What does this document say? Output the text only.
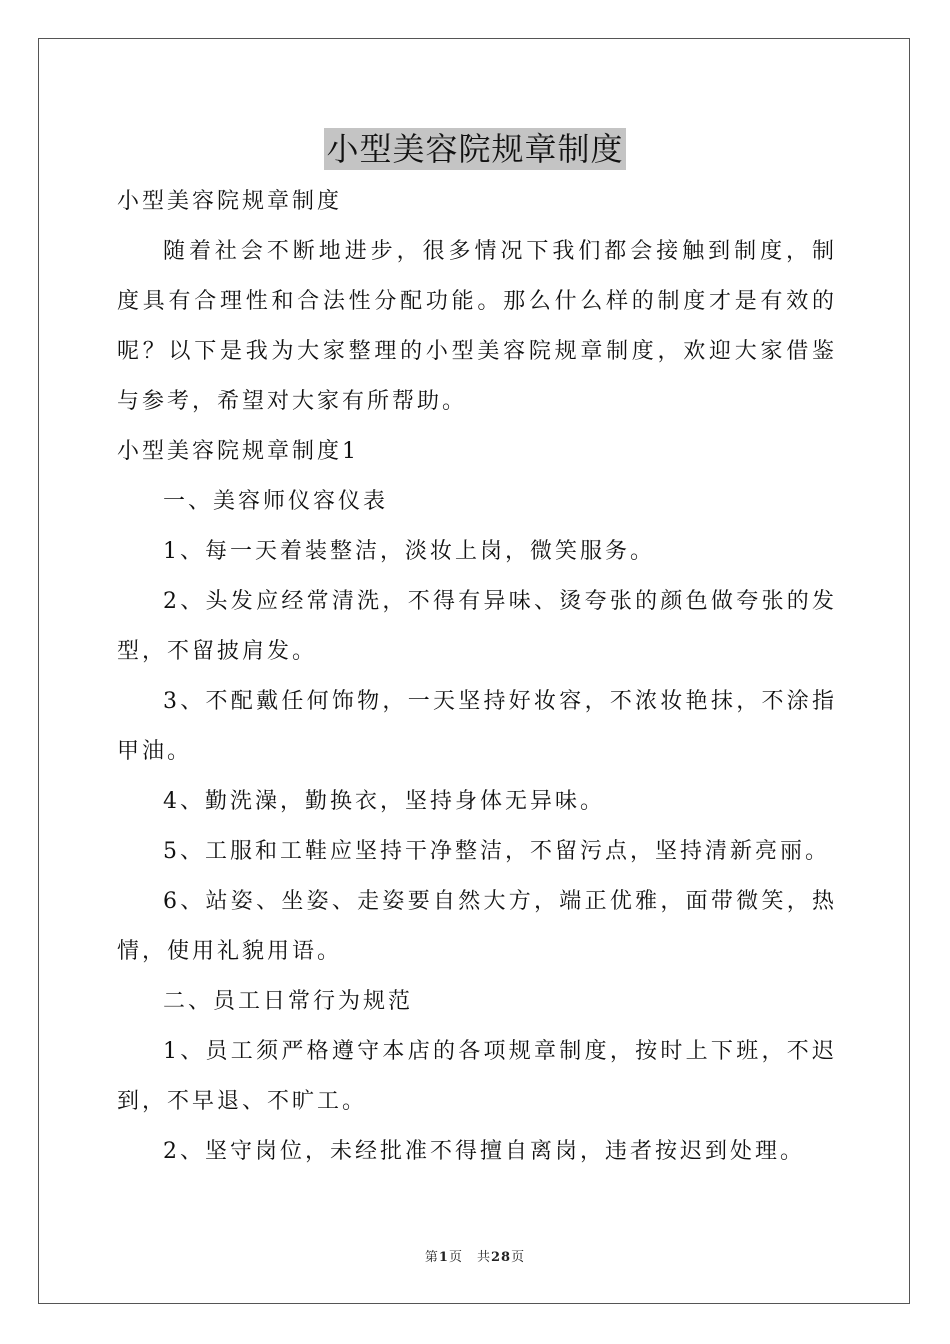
小型美容院规章制度

小型美容院规章制度

随着社会不断地进步，很多情况下我们都会接触到制度，制度具有合理性和合法性分配功能。那么什么样的制度才是有效的呢？以下是我为大家整理的小型美容院规章制度，欢迎大家借鉴与参考，希望对大家有所帮助。

小型美容院规章制度1

一、美容师仪容仪表

1、每一天着装整洁，淡妆上岗，微笑服务。

2、头发应经常清洗，不得有异味、烫夸张的颜色做夸张的发型，不留披肩发。

3、不配戴任何饰物，一天坚持好妆容，不浓妆艳抹，不涂指甲油。

4、勤洗澡，勤换衣，坚持身体无异味。

5、工服和工鞋应坚持干净整洁，不留污点，坚持清新亮丽。

6、站姿、坐姿、走姿要自然大方，端正优雅，面带微笑，热情，使用礼貌用语。

二、员工日常行为规范

1、员工须严格遵守本店的各项规章制度，按时上下班，不迟到，不早退、不旷工。

2、坚守岗位，未经批准不得擅自离岗，违者按迟到处理。

第1页 共28页
